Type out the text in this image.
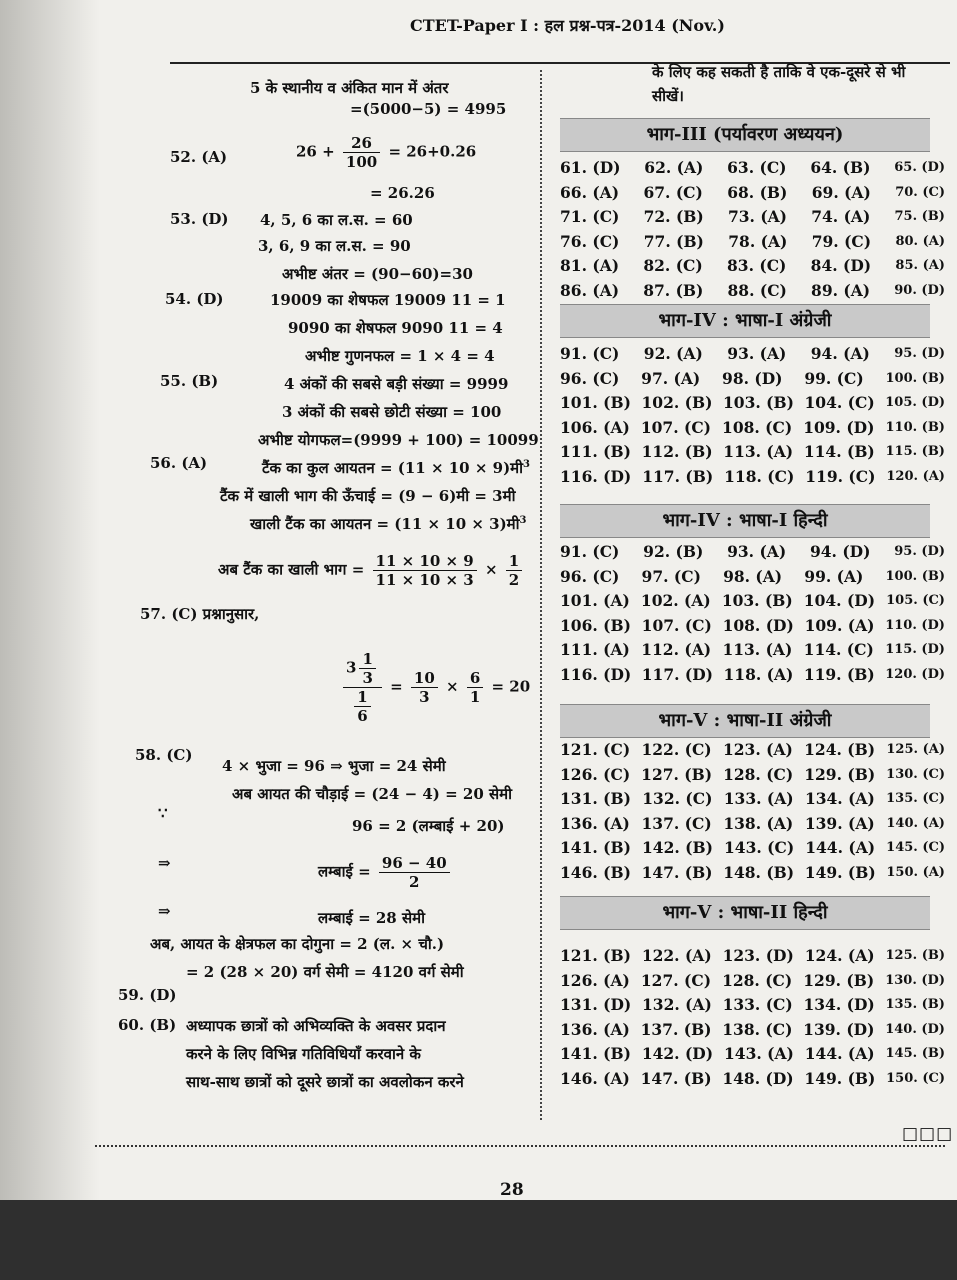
CTET-Paper I : हल प्रश्न-पत्र-2014 (Nov.)
5 के स्थानीय व अंकित मान में अंतर
=(5000−5) = 4995
52. (A)	$26 + \frac{26}{100} = 26+0.26$
= 26.26
53. (D) 4, 5, 6 का ल.स. = 60
3, 6, 9 का ल.स. = 90
अभीष्ट अंतर = (90−60)=30
54. (D)	19009 का शेषफल 19009 11 = 1
9090 का शेषफल 9090 11 = 4
अभीष्ट गुणनफल = 1 × 4 = 4
55. (B)	4 अंकों की सबसे बड़ी संख्या = 9999
3 अंकों की सबसे छोटी संख्या = 100
अभीष्ट योगफल=(9999 + 100) = 10099
56. (A)	टैंक का कुल आयतन = (11 × 10 × 9)मी$^3$
टैंक में खाली भाग की ऊँचाई = (9 − 6)मी = 3मी
खाली टैंक का आयतन = (11 × 10 × 3)मी$^3$
अब टैंक का खाली भाग = $\frac{11 \times 10 \times 9}{11 \times 10 \times 3} \times \frac{1}{2}$
57. (C) प्रश्नानुसार,
$\frac{3 \frac{1}{3}}{\frac{1}{6}} = \frac{10}{3} \times \frac{6}{1} = 20$
58. (C)
4 × भुजा = 96 ⇒ भुजा = 24 सेमी
अब आयत की चौड़ाई = (24 − 4) = 20 सेमी
∵
96 = 2 (लम्बाई + 20)
⇒	लम्बाई = $\frac{96 - 40}{2}$
⇒	लम्बाई = 28 सेमी
अब, आयत के क्षेत्रफल का दोगुना = 2 (ल. × चौ.)
= 2 (28 × 20) वर्ग सेमी = 4120 वर्ग सेमी
59. (D)
60. (B) अध्यापक छात्रों को अभिव्यक्ति के अवसर प्रदान
करने के लिए विभिन्न गतिविधियाँ करवाने के
साथ-साथ छात्रों को दूसरे छात्रों का अवलोकन करने
के लिए कह सकती है ताकि वे एक-दूसरे से भी
सीखें।
भाग-III (पर्यावरण अध्ययन)
61. (D) 62. (A) 63. (C) 64. (B) 65. (D)
66. (A) 67. (C) 68. (B) 69. (A) 70. (C)
71. (C) 72. (B) 73. (A) 74. (A) 75. (B)
76. (C) 77. (B) 78. (A) 79. (C) 80. (A)
81. (A) 82. (C) 83. (C) 84. (D) 85. (A)
86. (A) 87. (B) 88. (C) 89. (A) 90. (D)
भाग-IV : भाषा-I अंग्रेजी
91. (C) 92. (A) 93. (A) 94. (A) 95. (D)
96. (C) 97. (A) 98. (D) 99. (C) 100. (B)
101. (B) 102. (B) 103. (B) 104. (C) 105. (D)
106. (A) 107. (C) 108. (C) 109. (D) 110. (B)
111. (B) 112. (B) 113. (A) 114. (B) 115. (B)
116. (D) 117. (B) 118. (C) 119. (C) 120. (A)
भाग-IV : भाषा-I हिन्दी
91. (C) 92. (B) 93. (A) 94. (D) 95. (D)
96. (C) 97. (C) 98. (A) 99. (A) 100. (B)
101. (A) 102. (A) 103. (B) 104. (D) 105. (C)
106. (B) 107. (C) 108. (D) 109. (A) 110. (D)
111. (A) 112. (A) 113. (A) 114. (C) 115. (D)
116. (D) 117. (D) 118. (A) 119. (B) 120. (D)
भाग-V : भाषा-II अंग्रेजी
121. (C) 122. (C) 123. (A) 124. (B) 125. (A)
126. (C) 127. (B) 128. (C) 129. (B) 130. (C)
131. (B) 132. (C) 133. (A) 134. (A) 135. (C)
136. (A) 137. (C) 138. (A) 139. (A) 140. (A)
141. (B) 142. (B) 143. (C) 144. (A) 145. (C)
146. (B) 147. (B) 148. (B) 149. (B) 150. (A)
भाग-V : भाषा-II हिन्दी
121. (B) 122. (A) 123. (D) 124. (A) 125. (B)
126. (A) 127. (C) 128. (C) 129. (B) 130. (D)
131. (D) 132. (A) 133. (C) 134. (D) 135. (B)
136. (A) 137. (B) 138. (C) 139. (D) 140. (D)
141. (B) 142. (D) 143. (A) 144. (A) 145. (B)
146. (A) 147. (B) 148. (D) 149. (B) 150. (C)
□□□
28
